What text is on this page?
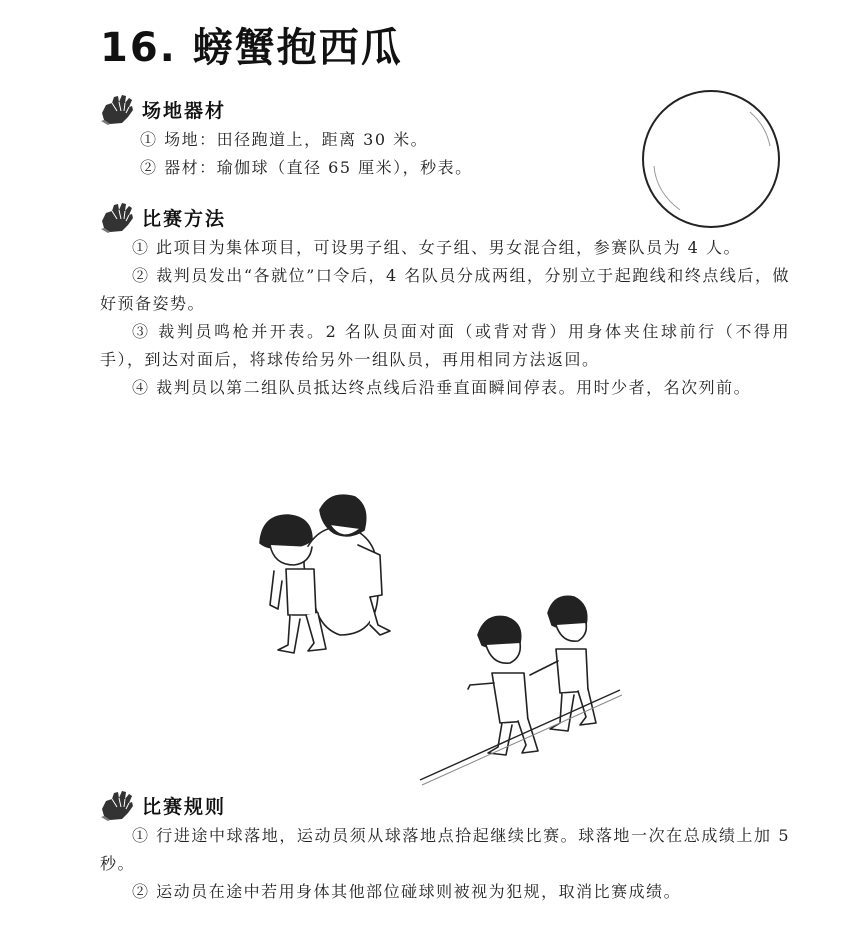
16. 螃蟹抱西瓜
场地器材

① 场地：田径跑道上，距离 30 米。

② 器材：瑜伽球（直径 65 厘米），秒表。

比赛方法

① 此项目为集体项目，可设男子组、女子组、男女混合组，参赛队员为 4 人。

② 裁判员发出“各就位”口令后，4 名队员分成两组，分别立于起跑线和终点线后，做好预备姿势。

③ 裁判员鸣枪并开表。2 名队员面对面（或背对背）用身体夹住球前行（不得用手），到达对面后，将球传给另外一组队员，再用相同方法返回。

④ 裁判员以第二组队员抵达终点线后沿垂直面瞬间停表。用时少者，名次列前。

比赛规则

① 行进途中球落地，运动员须从球落地点拾起继续比赛。球落地一次在总成绩上加 5 秒。

② 运动员在途中若用身体其他部位碰球则被视为犯规，取消比赛成绩。
